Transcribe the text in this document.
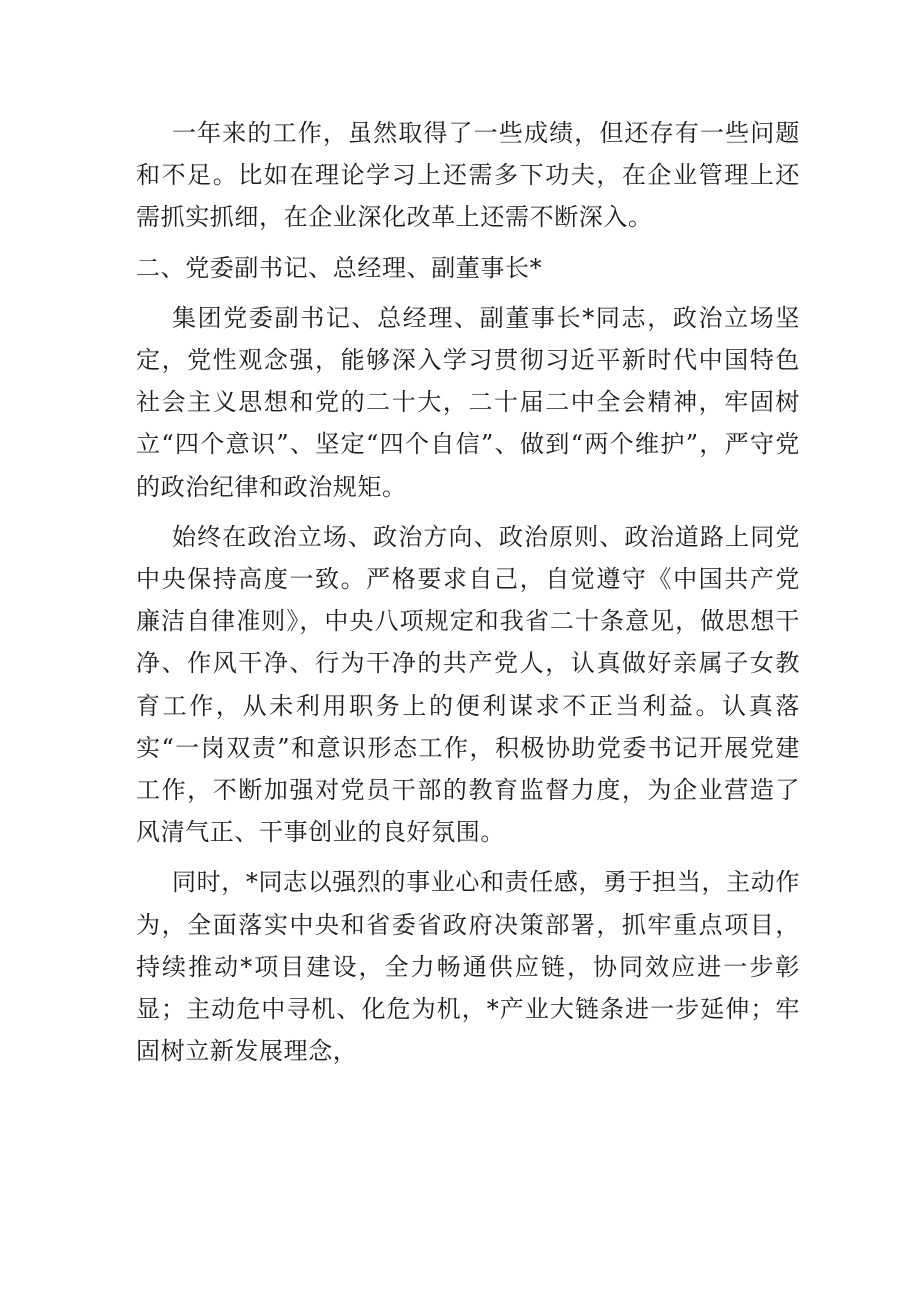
一年来的工作，虽然取得了一些成绩，但还存有一些问题和不足。比如在理论学习上还需多下功夫，在企业管理上还需抓实抓细，在企业深化改革上还需不断深入。

二、党委副书记、总经理、副董事长*

集团党委副书记、总经理、副董事长*同志，政治立场坚定，党性观念强，能够深入学习贯彻习近平新时代中国特色社会主义思想和党的二十大，二十届二中全会精神，牢固树立“四个意识”、坚定“四个自信”、做到“两个维护”，严守党的政治纪律和政治规矩。

始终在政治立场、政治方向、政治原则、政治道路上同党中央保持高度一致。严格要求自己，自觉遵守《中国共产党廉洁自律准则》，中央八项规定和我省二十条意见，做思想干净、作风干净、行为干净的共产党人，认真做好亲属子女教育工作，从未利用职务上的便利谋求不正当利益。认真落实“一岗双责”和意识形态工作，积极协助党委书记开展党建工作，不断加强对党员干部的教育监督力度，为企业营造了风清气正、干事创业的良好氛围。

同时，*同志以强烈的事业心和责任感，勇于担当，主动作为，全面落实中央和省委省政府决策部署，抓牢重点项目，持续推动*项目建设，全力畅通供应链，协同效应进一步彰显；主动危中寻机、化危为机，*产业大链条进一步延伸；牢固树立新发展理念，
